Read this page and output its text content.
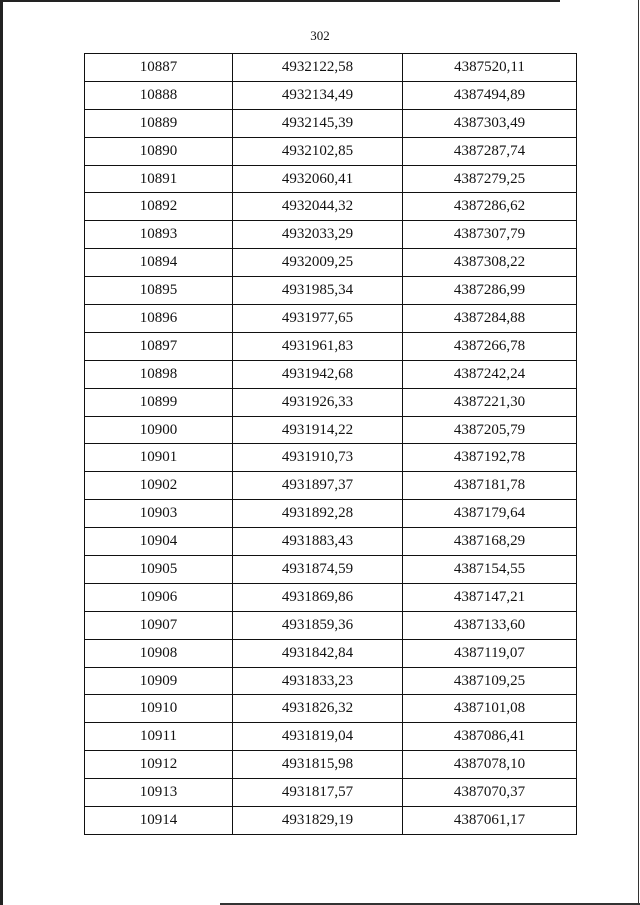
302
10887	4932122,58	4387520,11
10888	4932134,49	4387494,89
10889	4932145,39	4387303,49
10890	4932102,85	4387287,74
10891	4932060,41	4387279,25
10892	4932044,32	4387286,62
10893	4932033,29	4387307,79
10894	4932009,25	4387308,22
10895	4931985,34	4387286,99
10896	4931977,65	4387284,88
10897	4931961,83	4387266,78
10898	4931942,68	4387242,24
10899	4931926,33	4387221,30
10900	4931914,22	4387205,79
10901	4931910,73	4387192,78
10902	4931897,37	4387181,78
10903	4931892,28	4387179,64
10904	4931883,43	4387168,29
10905	4931874,59	4387154,55
10906	4931869,86	4387147,21
10907	4931859,36	4387133,60
10908	4931842,84	4387119,07
10909	4931833,23	4387109,25
10910	4931826,32	4387101,08
10911	4931819,04	4387086,41
10912	4931815,98	4387078,10
10913	4931817,57	4387070,37
10914	4931829,19	4387061,17
